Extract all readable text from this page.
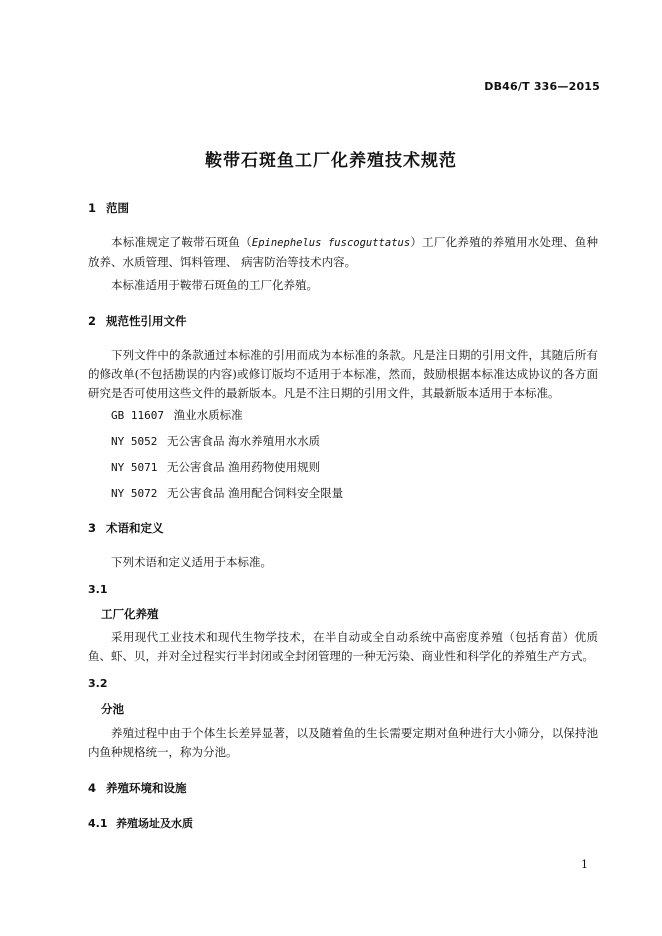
DB46/T 336—2015
鞍带石斑鱼工厂化养殖技术规范
1 范围
本标准规定了鞍带石斑鱼（Epinephelus fuscoguttatus）工厂化养殖的养殖用水处理、鱼种放养、水质管理、饵料管理、 病害防治等技术内容。
本标准适用于鞍带石斑鱼的工厂化养殖。
2 规范性引用文件
下列文件中的条款通过本标准的引用而成为本标准的条款。凡是注日期的引用文件，其随后所有的修改单(不包括勘误的内容)或修订版均不适用于本标准，然而，鼓励根据本标准达成协议的各方面研究是否可使用这些文件的最新版本。凡是不注日期的引用文件，其最新版本适用于本标准。
GB 11607 渔业水质标准
NY 5052 无公害食品 海水养殖用水水质
NY 5071 无公害食品 渔用药物使用规则
NY 5072 无公害食品 渔用配合饲料安全限量
3 术语和定义
下列术语和定义适用于本标准。
3.1
工厂化养殖
采用现代工业技术和现代生物学技术，在半自动或全自动系统中高密度养殖（包括育苗）优质鱼、虾、贝，并对全过程实行半封闭或全封闭管理的一种无污染、商业性和科学化的养殖生产方式。
3.2
分池
养殖过程中由于个体生长差异显著，以及随着鱼的生长需要定期对鱼种进行大小筛分，以保持池内鱼种规格统一，称为分池。
4 养殖环境和设施
4.1 养殖场址及水质
1
